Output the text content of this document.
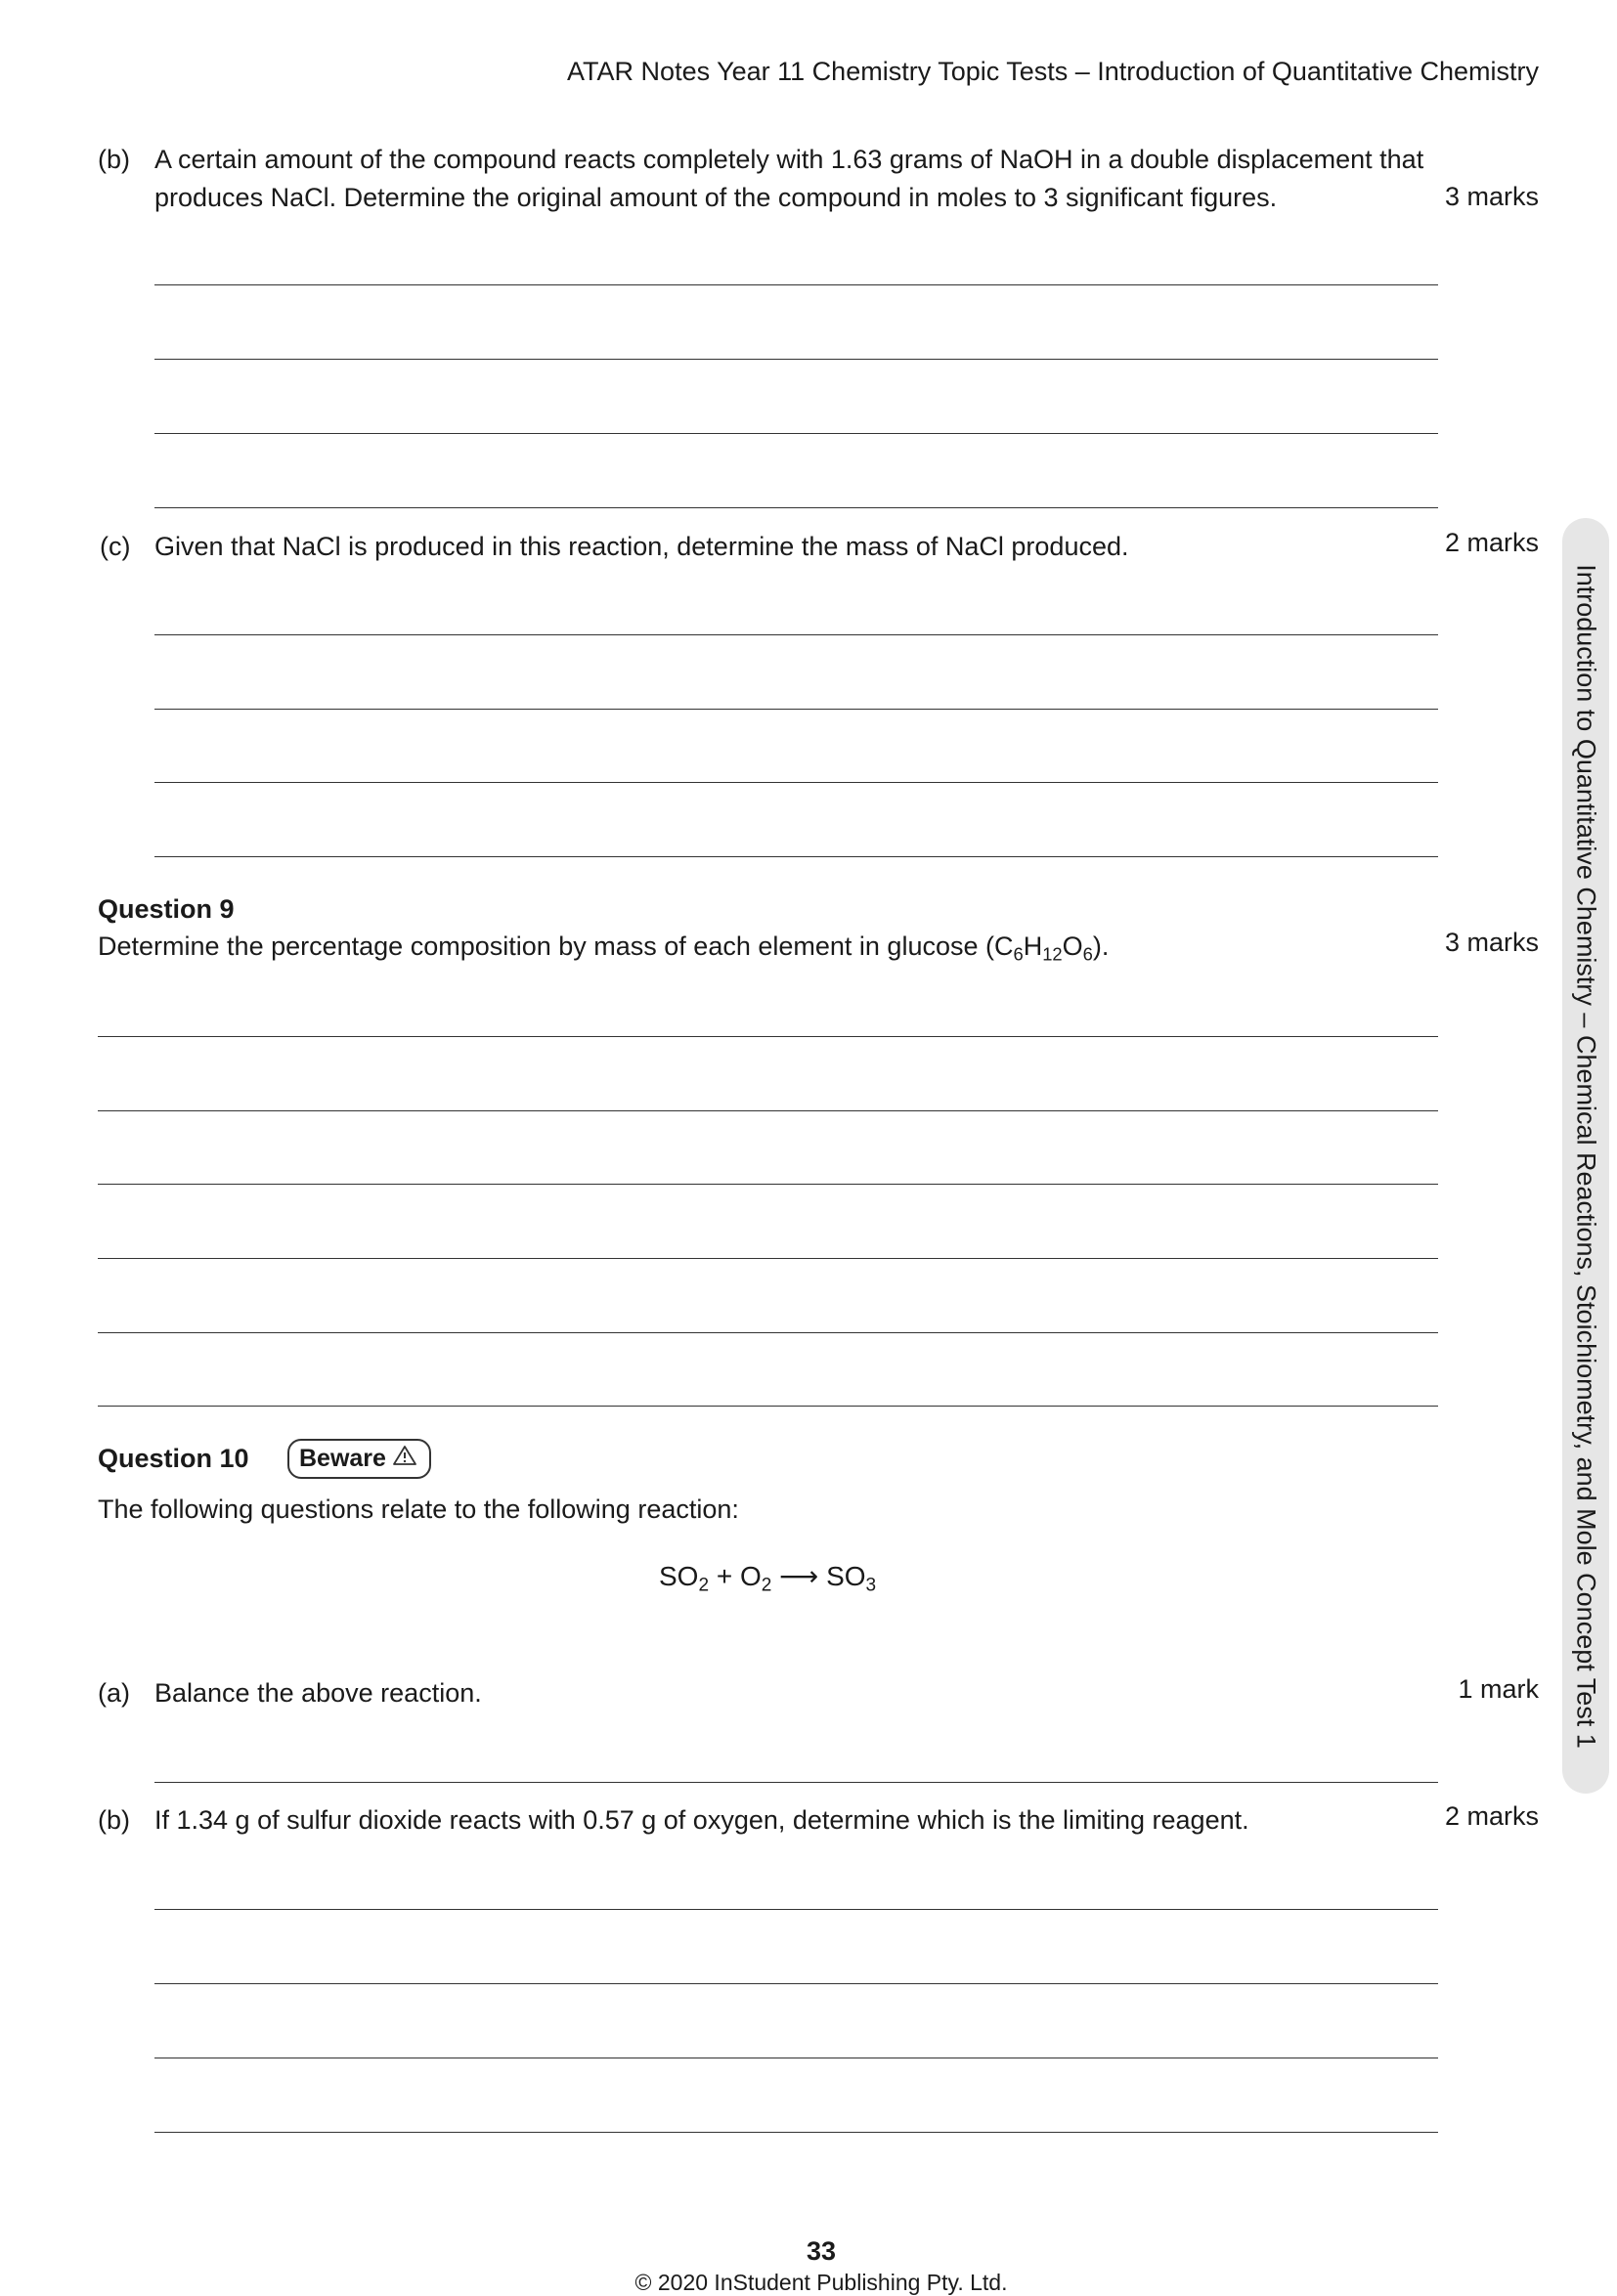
ATAR Notes Year 11 Chemistry Topic Tests – Introduction of Quantitative Chemistry
(b) A certain amount of the compound reacts completely with 1.63 grams of NaOH in a double displacement that
produces NaCl. Determine the original amount of the compound in moles to 3 significant figures.	3 marks
(c) Given that NaCl is produced in this reaction, determine the mass of NaCl produced.	2 marks
Question 9
Determine the percentage composition by mass of each element in glucose $(C_6H_{12}O_6)$.	3 marks
Question 10 Beware
The following questions relate to the following reaction:
$SO_2 + O_2$ ⟶ $SO_3$
(a) Balance the above reaction.	1 mark
(b) If 1.34 g of sulfur dioxide reacts with 0.57 g of oxygen, determine which is the limiting reagent.	2 marks
Introduction to Quantitative Chemistry – Chemical Reactions, Stoichiometry, and Mole Concept Test 1
33
© 2020 InStudent Publishing Pty. Ltd.
